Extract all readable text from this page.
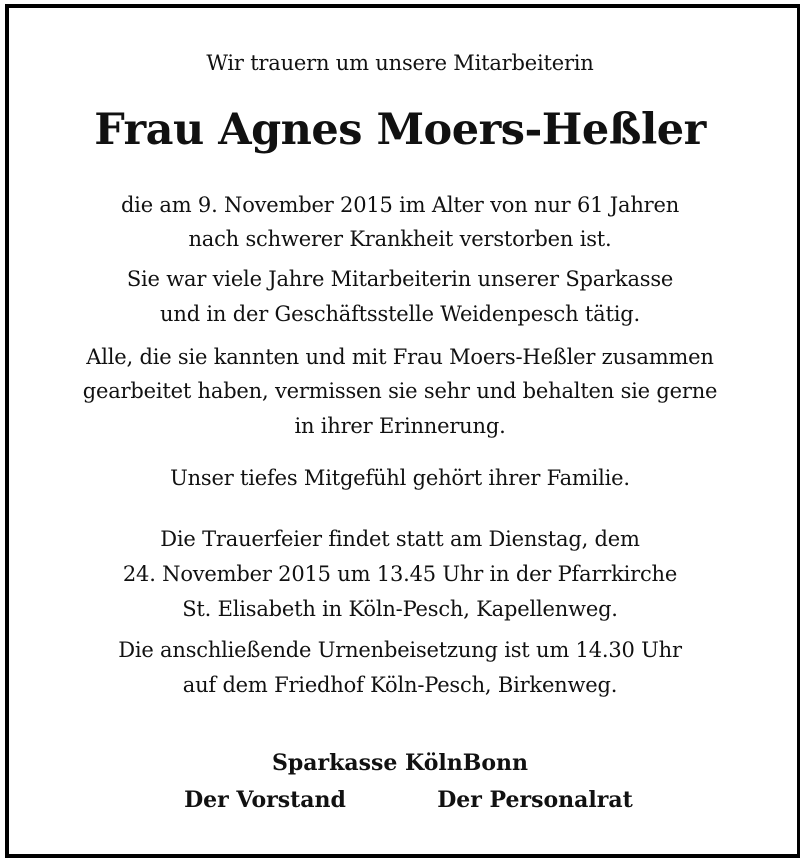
Wir trauern um unsere Mitarbeiterin
Frau Agnes Moers-Heßler
die am 9. November 2015 im Alter von nur 61 Jahren
nach schwerer Krankheit verstorben ist.
Sie war viele Jahre Mitarbeiterin unserer Sparkasse
und in der Geschäftsstelle Weidenpesch tätig.
Alle, die sie kannten und mit Frau Moers-Heßler zusammen
gearbeitet haben, vermissen sie sehr und behalten sie gerne
in ihrer Erinnerung.
Unser tiefes Mitgefühl gehört ihrer Familie.
Die Trauerfeier findet statt am Dienstag, dem
24. November 2015 um 13.45 Uhr in der Pfarrkirche
St. Elisabeth in Köln-Pesch, Kapellenweg.
Die anschließende Urnenbeisetzung ist um 14.30 Uhr
auf dem Friedhof Köln-Pesch, Birkenweg.
Sparkasse KölnBonn
Der Vorstand	Der Personalrat
